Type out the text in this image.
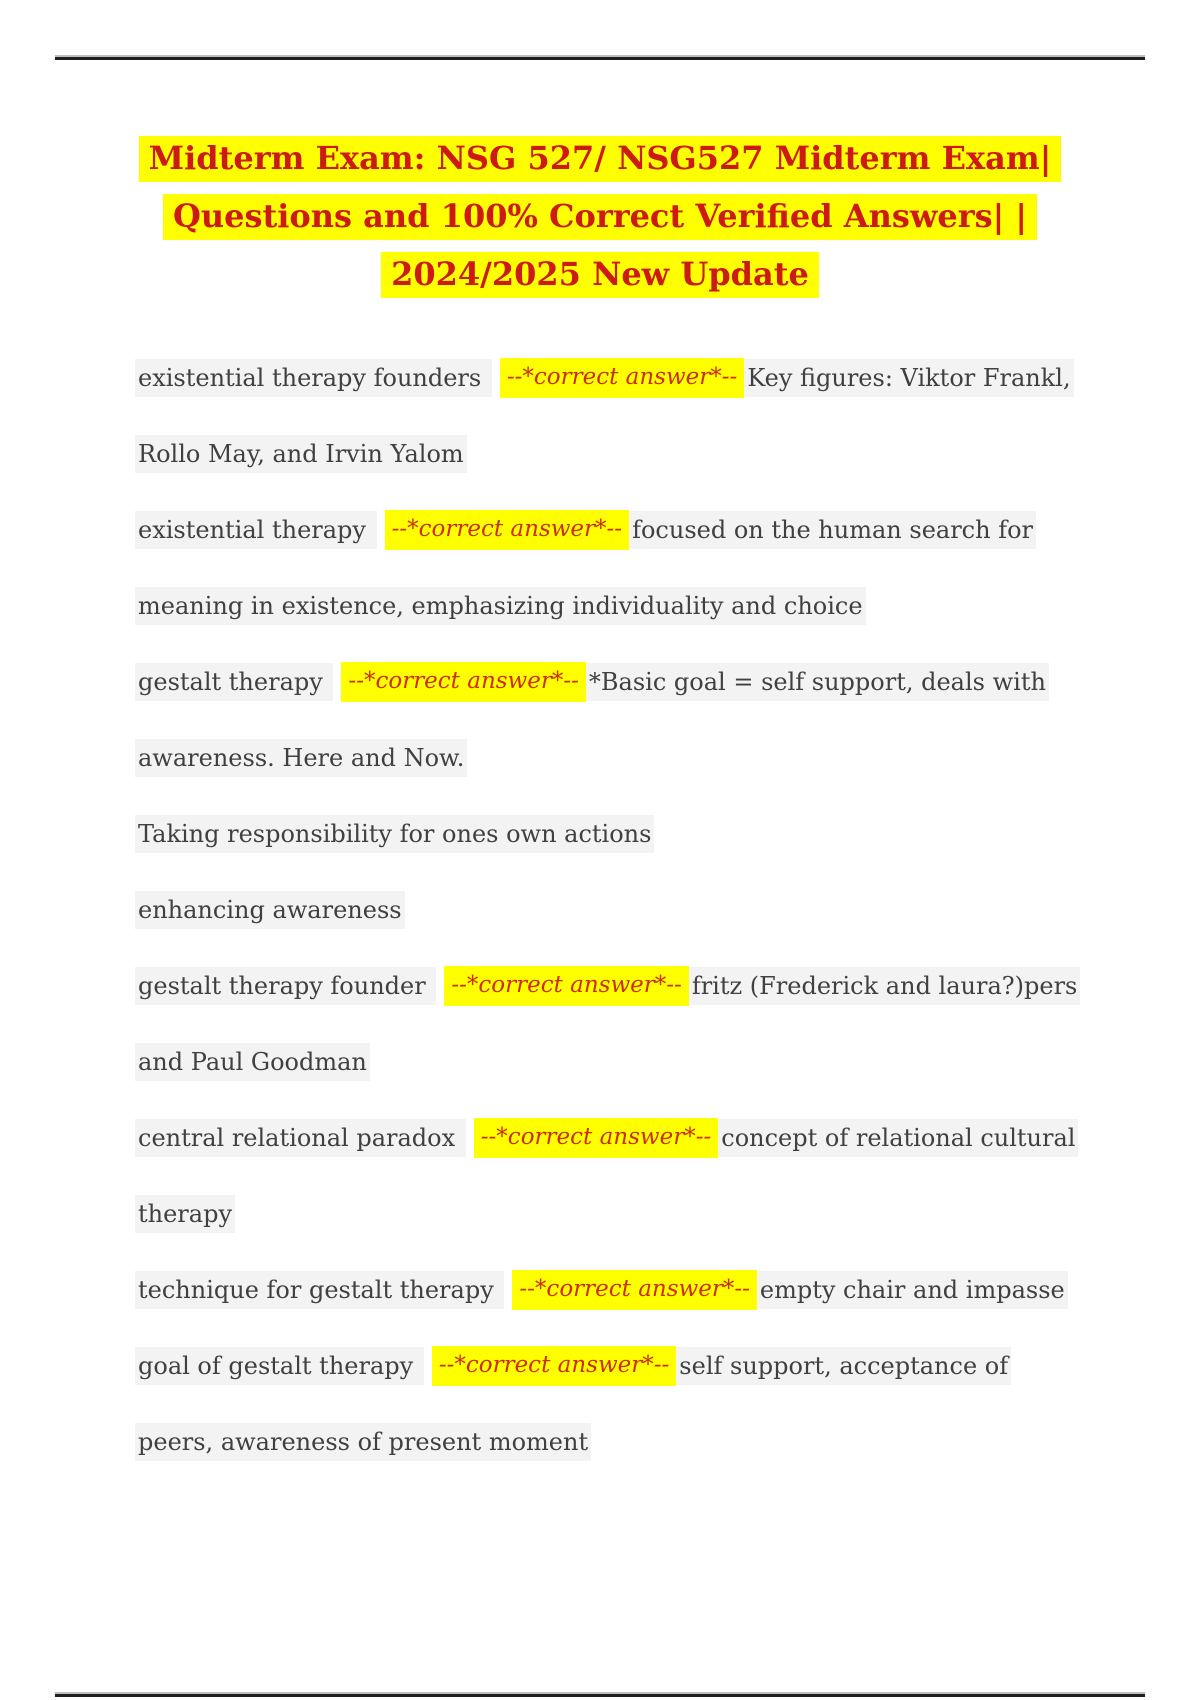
Midterm Exam: NSG 527/ NSG527 Midterm Exam|
Questions and 100% Correct Verified Answers| |
2024/2025 New Update
existential therapy founders --*correct answer*-- Key figures: Viktor Frankl,
Rollo May, and Irvin Yalom
existential therapy --*correct answer*-- focused on the human search for
meaning in existence, emphasizing individuality and choice
gestalt therapy --*correct answer*-- *Basic goal = self support, deals with
awareness. Here and Now.
Taking responsibility for ones own actions
enhancing awareness
gestalt therapy founder --*correct answer*-- fritz (Frederick and laura?)pers
and Paul Goodman
central relational paradox --*correct answer*-- concept of relational cultural
therapy
technique for gestalt therapy --*correct answer*-- empty chair and impasse
goal of gestalt therapy --*correct answer*-- self support, acceptance of
peers, awareness of present moment
